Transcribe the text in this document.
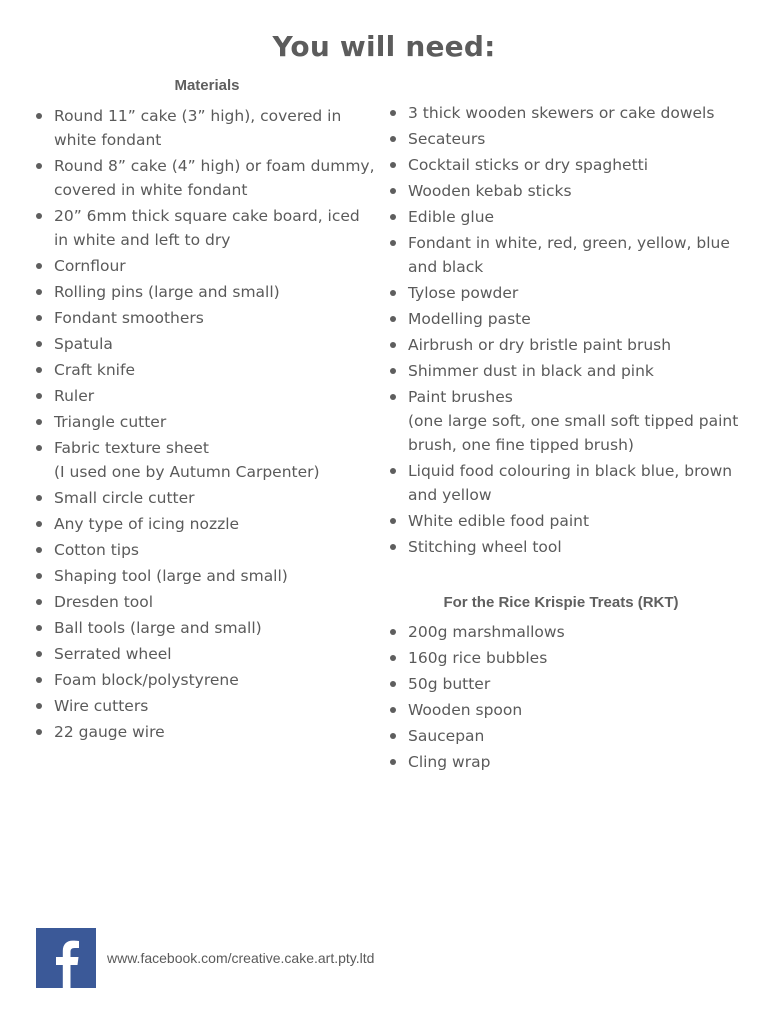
You will need:
Materials
Round 11” cake (3” high), covered in white fondant
Round 8” cake (4” high) or foam dummy, covered in white fondant
20” 6mm thick square cake board, iced in white and left to dry
Cornflour
Rolling pins (large and small)
Fondant smoothers
Spatula
Craft knife
Ruler
Triangle cutter
Fabric texture sheet
(I used one by Autumn Carpenter)
Small circle cutter
Any type of icing nozzle
Cotton tips
Shaping tool (large and small)
Dresden tool
Ball tools (large and small)
Serrated wheel
Foam block/polystyrene
Wire cutters
22 gauge wire
3 thick wooden skewers or cake dowels
Secateurs
Cocktail sticks or dry spaghetti
Wooden kebab sticks
Edible glue
Fondant in white, red, green, yellow, blue and black
Tylose powder
Modelling paste
Airbrush or dry bristle paint brush
Shimmer dust in black and pink
Paint brushes
(one large soft, one small soft tipped paint brush, one fine tipped brush)
Liquid food colouring in black blue, brown and yellow
White edible food paint
Stitching wheel tool
For the Rice Krispie Treats (RKT)
200g marshmallows
160g rice bubbles
50g butter
Wooden spoon
Saucepan
Cling wrap
www.facebook.com/creative.cake.art.pty.ltd
